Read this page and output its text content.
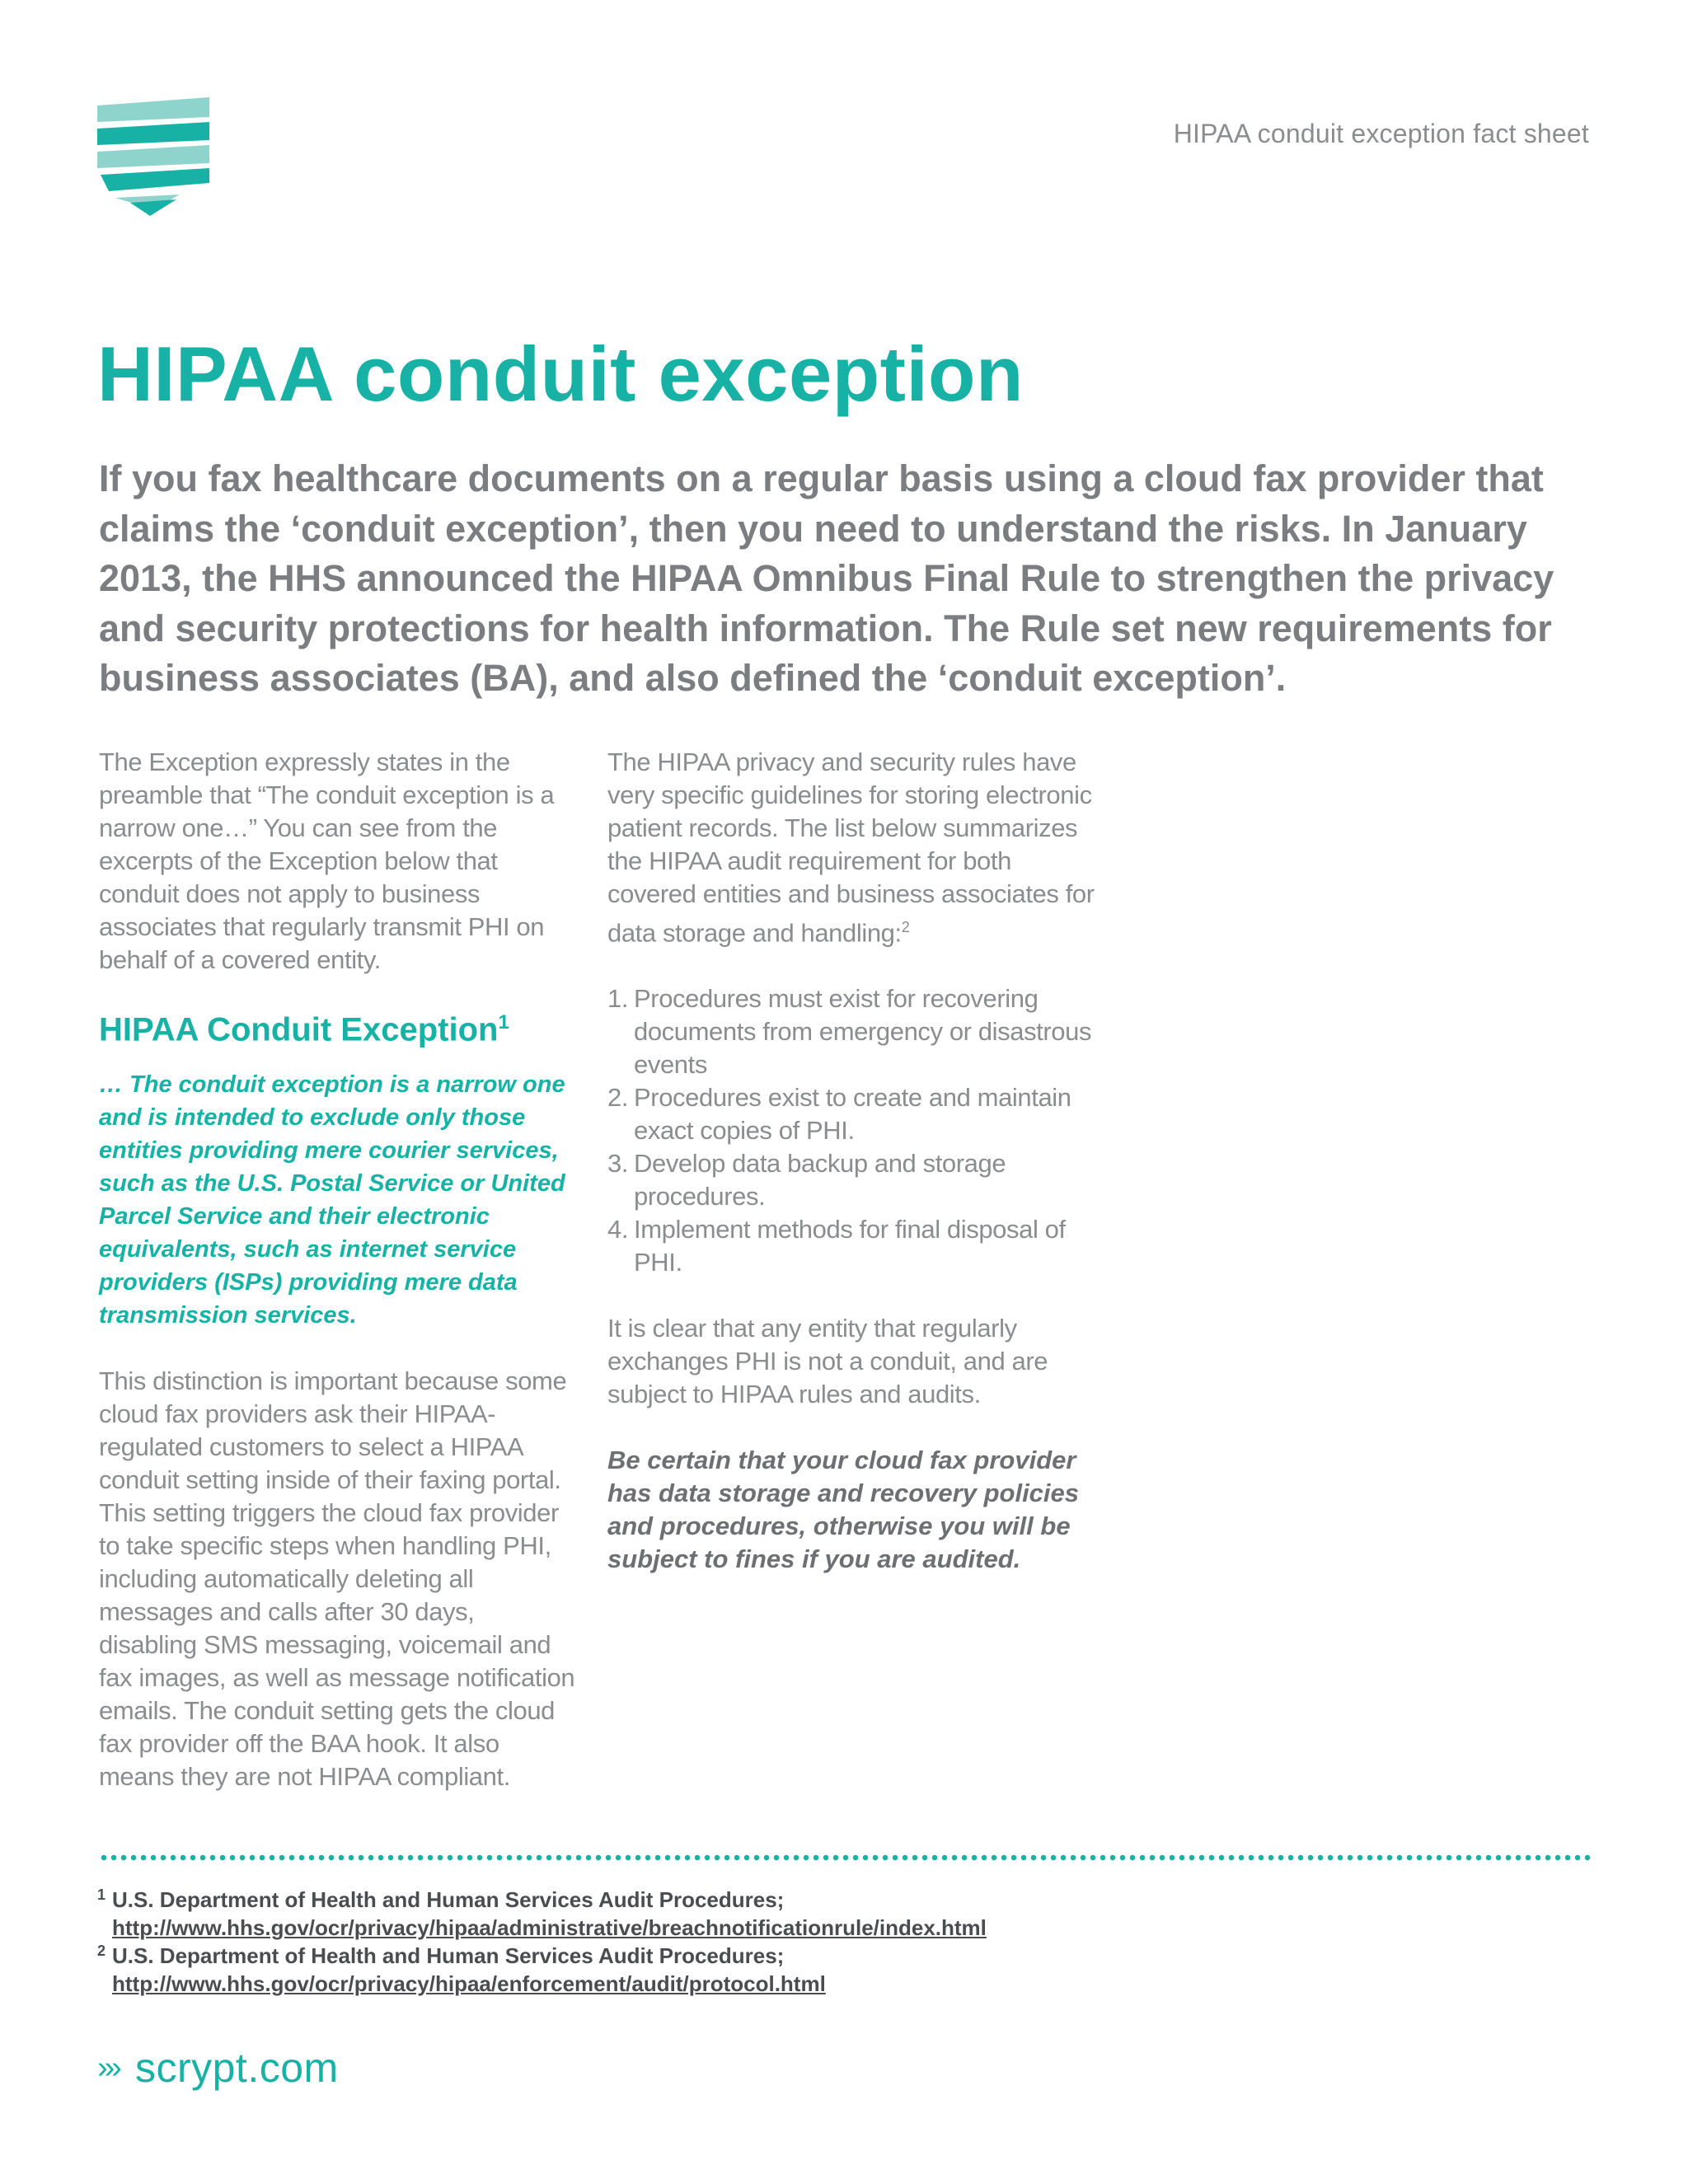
HIPAA conduit exception fact sheet
HIPAA conduit exception

If you fax healthcare documents on a regular basis using a cloud fax provider that claims the ‘conduit exception’, then you need to understand the risks. In January 2013, the HHS announced the HIPAA Omnibus Final Rule to strengthen the privacy and security protections for health information. The Rule set new requirements for business associates (BA), and also defined the ‘conduit exception’.

The Exception expressly states in the preamble that “The conduit exception is a narrow one…” You can see from the excerpts of the Exception below that conduit does not apply to business associates that regularly transmit PHI on behalf of a covered entity.

HIPAA Conduit Exception$^1$

… The conduit exception is a narrow one and is intended to exclude only those entities providing mere courier services, such as the U.S. Postal Service or United Parcel Service and their electronic equivalents, such as internet service providers (ISPs) providing mere data transmission services.

This distinction is important because some cloud fax providers ask their HIPAA-regulated customers to select a HIPAA conduit setting inside of their faxing portal. This setting triggers the cloud fax provider to take specific steps when handling PHI, including automatically deleting all messages and calls after 30 days, disabling SMS messaging, voicemail and fax images, as well as message notification emails. The conduit setting gets the cloud fax provider off the BAA hook. It also means they are not HIPAA compliant.

The HIPAA privacy and security rules have very specific guidelines for storing electronic patient records. The list below summarizes the HIPAA audit requirement for both covered entities and business associates for data storage and handling:$^2$

1. Procedures must exist for recovering documents from emergency or disastrous events
2. Procedures exist to create and maintain exact copies of PHI.
3. Develop data backup and storage procedures.
4. Implement methods for final disposal of PHI.

It is clear that any entity that regularly exchanges PHI is not a conduit, and are subject to HIPAA rules and audits.

Be certain that your cloud fax provider has data storage and recovery policies and procedures, otherwise you will be subject to fines if you are audited.

1 U.S. Department of Health and Human Services Audit Procedures;
http://www.hhs.gov/ocr/privacy/hipaa/administrative/breachnotificationrule/index.html
2 U.S. Department of Health and Human Services Audit Procedures;
http://www.hhs.gov/ocr/privacy/hipaa/enforcement/audit/protocol.html
››› scrypt.com
